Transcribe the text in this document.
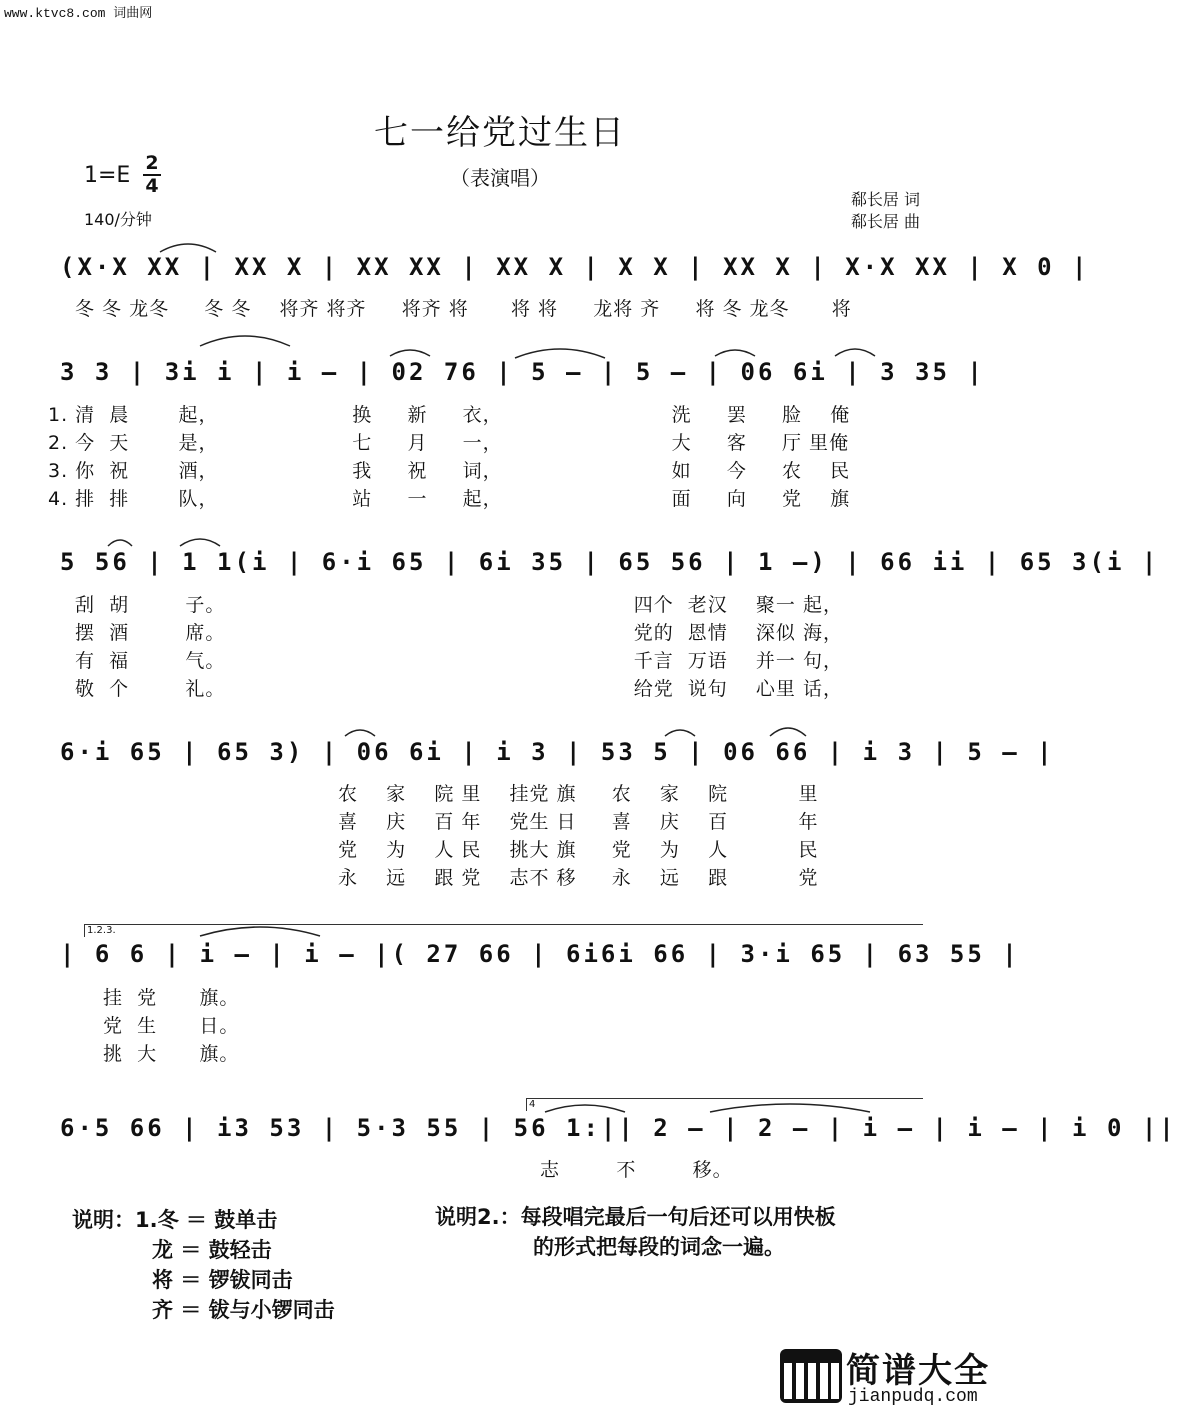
www.ktvc8.com 词曲网
七一给党过生日
（表演唱）
1=E 2
4
140/分钟
郗长居 词
郗长居 曲
(X·X XX | XX X | XX XX | XX X | X X | XX X | X·X XX | X 0 |
冬 冬 龙冬     冬 冬    将齐 将齐     将齐 将      将 将     龙将 齐     将 冬 龙冬      将
3 3 | 3i i | i – | 02 76 | 5 – | 5 – | 06 6i | 3 35 |
1. 清  晨       起，                   换     新     衣，                        洗     罢     脸    俺
2. 今  天       是，                   七     月     一，                        大     客     厅 里俺
3. 你  祝       酒，                   我     祝     词，                        如     今     农    民
4. 排  排       队，                   站     一     起，                        面     向     党    旗
5 56 | 1 1(i | 6·i 65 | 6i 35 | 65 56 | 1 –) | 66 ii | 65 3(i |
刮  胡        子。                                                          四个  老汉    聚一 起，
摆  酒        席。                                                          党的  恩情    深似 海，
有  福        气。                                                          千言  万语    并一 句，
敬  个        礼。                                                          给党  说句    心里 话，
6·i 65 | 65 3) | 06 6i | i 3 | 53 5 | 06 66 | i 3 | 5 – |
农    家    院 里    挂党 旗     农    家    院          里
喜    庆    百 年    党生 日     喜    庆    百          年
党    为    人 民    挑大 旗     党    为    人          民
永    远    跟 党    志不 移     永    远    跟          党
1.2.3.
| 6 6 | i – | i – |( 27 66 | 6i6i 66 | 3·i 65 | 63 55 |
挂  党      旗。
党  生      日。
挑  大      旗。
4
6·5 66 | i3 53 | 5·3 55 | 56 1:|| 2 – | 2 – | i – | i – | i 0 ||
志        不        移。
说明：1.冬 ＝ 鼓单击
龙 ＝ 鼓轻击
将 ＝ 锣钹同击
齐 ＝ 钹与小锣同击
说明2.：每段唱完最后一句后还可以用快板
的形式把每段的词念一遍。
简谱大全
jianpudq.com
